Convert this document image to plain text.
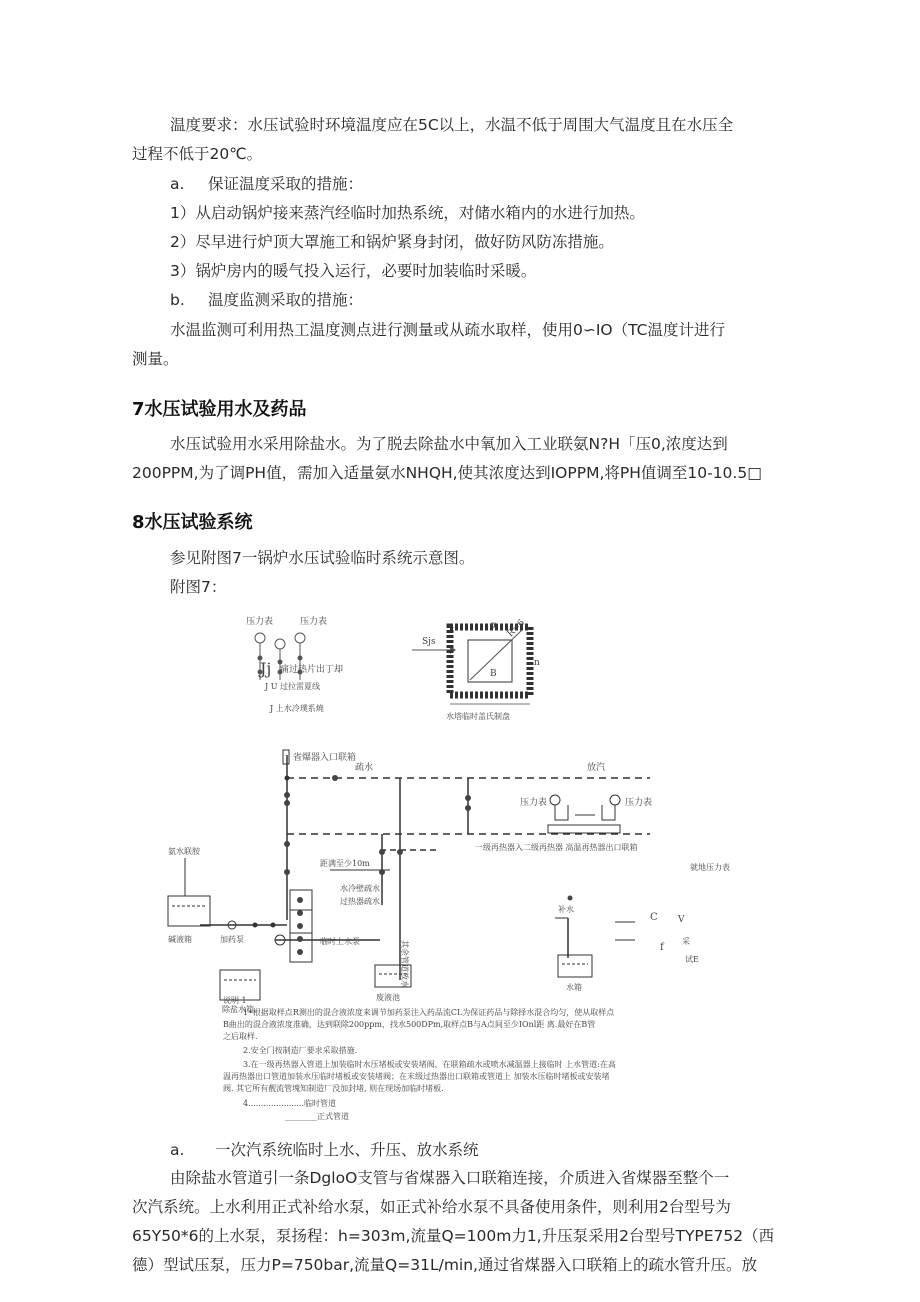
温度要求：水压试验时环境温度应在5C以上，水温不低于周围大气温度且在水压全
过程不低于20℃。
a. 保证温度采取的措施：
1）从启动锅炉接来蒸汽经临时加热系统，对储水箱内的水进行加热。
2）尽早进行炉顶大罩施工和锅炉紧身封闭，做好防风防冻措施。
3）锅炉房内的暖气投入运行，必要时加装临时采暖。
b. 温度监测采取的措施：
水温监测可利用热工温度测点进行测量或从疏水取样，使用0∽IO（TC温度计进行
测量。
7水压试验用水及药品
水压试验用水采用除盐水。为了脱去除盐水中氧加入工业联氨N?H「压0,浓度达到
200PPM,为了调PH值，需加入适量氨水NHQH,使其浓度达到IOPPM,将PH值调至10-10.5□
8水压试验系统
参见附图7一锅炉水压试验临时系统示意图。
附图7：
压力表	压力表
Jj 痛过热片出丁却
J U 过拉雷夏线
J 上水冷璞系燒
Sjs
α R=6
n
B
水塔临时盖氏制盘
省爆器入口联箱
疏水	放汽
压力表	压力表
一级再热器入二级再热器 高温再热器出口联箱
就地压力表
氨水联胺
碱液箱	加药泵
除盐水箱
临时上水泵
距满至少10m
水冷壁疏水
过热器疏水
其余管道放水
废液池
补水
水箱
C
f
V
采
试E
说明 1
1•根据取样点R测出的混合液浓度来调节加药泵注入药品流CL为保证药品与除择水混合均匀，使从取样点
B曲出的混合液浓度准确，达到联除200ppm，找水500DPm,取样点B与A点间至少IOnl距 离.最好在B管
之后取样.
2.安全门按制造厂要求采取措施.
3.在一级再热器入管道上加装临时水压堵板或安装堵阀，在联箱疏水或喷水减温器上接临时 上水管道:在高
温再热器出口管道加装水压临时堵板或安装堵阀；在末级过热器出口联箱或管道上 加装水压临时堵板或安装堵
阀. 其它所有靓流管塊知制造厂没加封堵, 则在现场加临时堵板.
4......................临时管道
________正式管道
a. 一次汽系统临时上水、升压、放水系统
由除盐水管道引一条DgloO支管与省煤器入口联箱连接，介质进入省煤器至整个一
次汽系统。上水利用正式补给水泵，如正式补给水泵不具备使用条件，则利用2台型号为
65Y50*6的上水泵，泵扬程：h=303m,流量Q=100m力1,升压泵采用2台型号TYPE752（西
德）型试压泵，压力P=750bar,流量Q=31L/min,通过省煤器入口联箱上的疏水管升压。放
